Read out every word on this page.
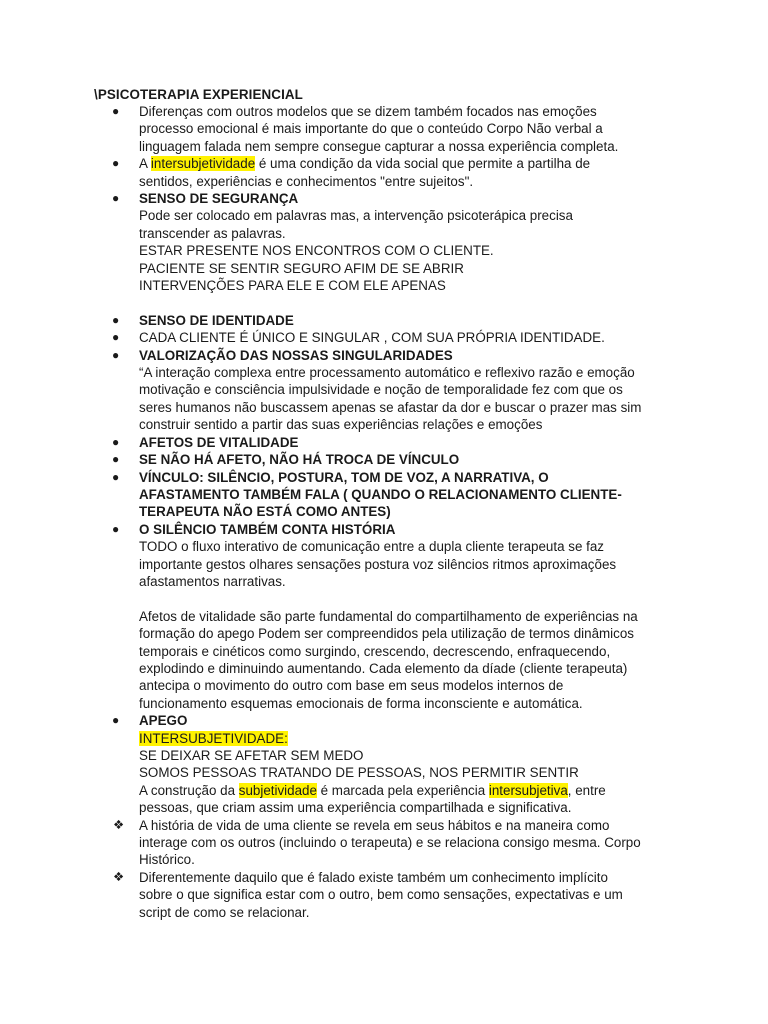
\PSICOTERAPIA EXPERIENCIAL
● Diferenças com outros modelos que se dizem também focados nas emoções
processo emocional é mais importante do que o conteúdo Corpo Não verbal a
linguagem falada nem sempre consegue capturar a nossa experiência completa.
● A intersubjetividade é uma condição da vida social que permite a partilha de
sentidos, experiências e conhecimentos "entre sujeitos".
● SENSO DE SEGURANÇA
Pode ser colocado em palavras mas, a intervenção psicoterápica precisa
transcender as palavras.
ESTAR PRESENTE NOS ENCONTROS COM O CLIENTE.
PACIENTE SE SENTIR SEGURO AFIM DE SE ABRIR
INTERVENÇÕES PARA ELE E COM ELE APENAS
● SENSO DE IDENTIDADE
● CADA CLIENTE É ÚNICO E SINGULAR , COM SUA PRÓPRIA IDENTIDADE.
● VALORIZAÇÃO DAS NOSSAS SINGULARIDADES
“A interação complexa entre processamento automático e reflexivo razão e emoção
motivação e consciência impulsividade e noção de temporalidade fez com que os
seres humanos não buscassem apenas se afastar da dor e buscar o prazer mas sim
construir sentido a partir das suas experiências relações e emoções
● AFETOS DE VITALIDADE
● SE NÃO HÁ AFETO, NÃO HÁ TROCA DE VÍNCULO
● VÍNCULO: SILÊNCIO, POSTURA, TOM DE VOZ, A NARRATIVA, O
AFASTAMENTO TAMBÉM FALA ( QUANDO O RELACIONAMENTO CLIENTE-
TERAPEUTA NÃO ESTÁ COMO ANTES)
● O SILÊNCIO TAMBÉM CONTA HISTÓRIA
TODO o fluxo interativo de comunicação entre a dupla cliente terapeuta se faz
importante gestos olhares sensações postura voz silêncios ritmos aproximações
afastamentos narrativas.

Afetos de vitalidade são parte fundamental do compartilhamento de experiências na
formação do apego Podem ser compreendidos pela utilização de termos dinâmicos
temporais e cinéticos como surgindo, crescendo, decrescendo, enfraquecendo,
explodindo e diminuindo aumentando. Cada elemento da díade (cliente terapeuta)
antecipa o movimento do outro com base em seus modelos internos de
funcionamento esquemas emocionais de forma inconsciente e automática.
● APEGO
INTERSUBJETIVIDADE:
SE DEIXAR SE AFETAR SEM MEDO
SOMOS PESSOAS TRATANDO DE PESSOAS, NOS PERMITIR SENTIR
A construção da subjetividade é marcada pela experiência intersubjetiva, entre
pessoas, que criam assim uma experiência compartilhada e significativa.
❖ A história de vida de uma cliente se revela em seus hábitos e na maneira como
interage com os outros (incluindo o terapeuta) e se relaciona consigo mesma. Corpo
Histórico.
❖ Diferentemente daquilo que é falado existe também um conhecimento implícito
sobre o que significa estar com o outro, bem como sensações, expectativas e um
script de como se relacionar.
